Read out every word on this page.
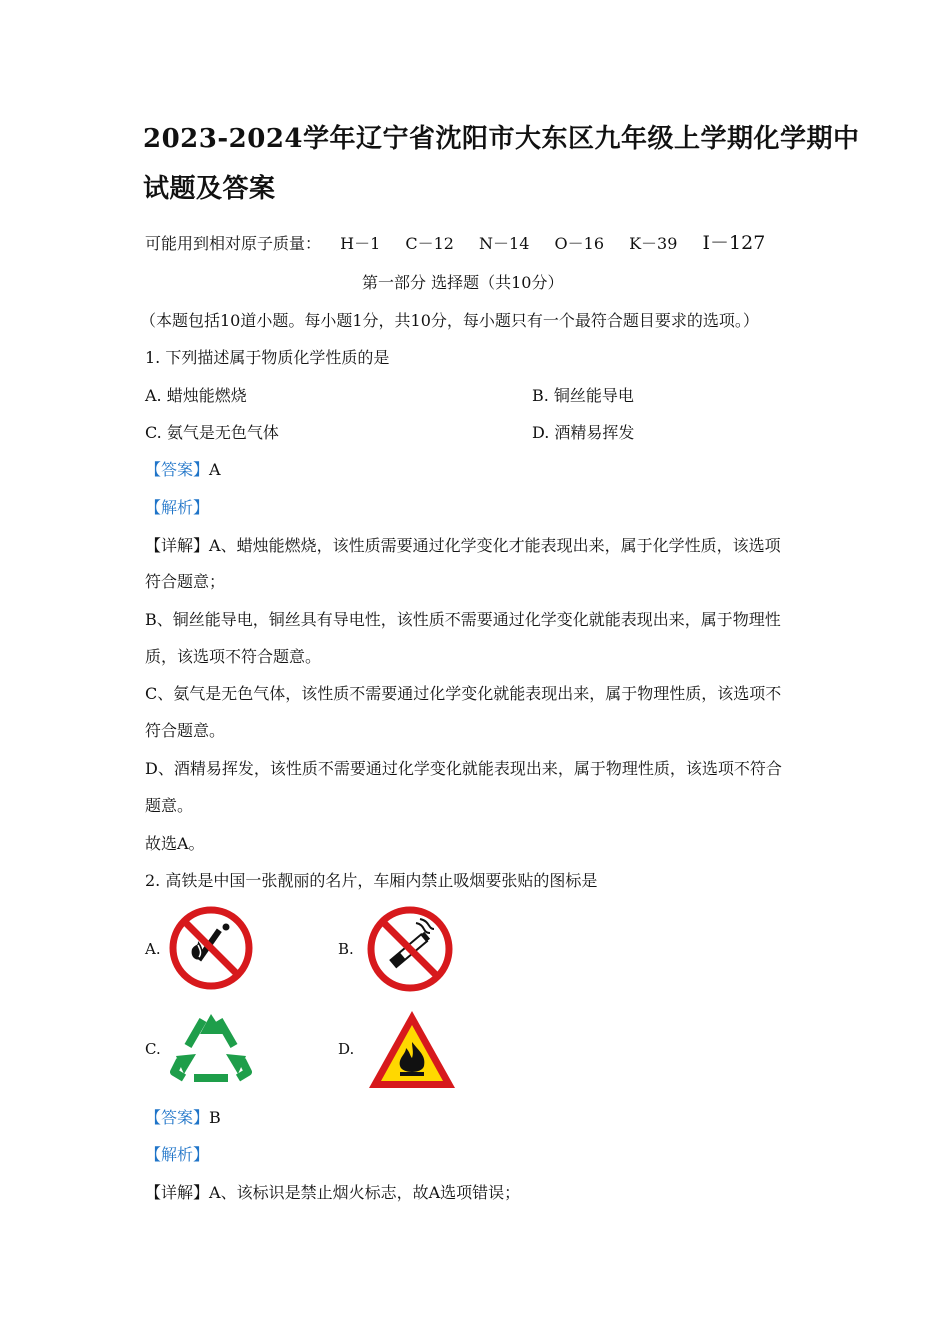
2023-2024学年辽宁省沈阳市大东区九年级上学期化学期中
试题及答案
可能用到相对原子质量： H－1 C－12 N－14 O－16 K－39 I－127
第一部分 选择题（共10分）
（本题包括10道小题。每小题1分，共10分，每小题只有一个最符合题目要求的选项。）
1. 下列描述属于物质化学性质的是
A. 蜡烛能燃烧	B. 铜丝能导电
C. 氨气是无色气体	D. 酒精易挥发
【答案】A
【解析】
【详解】A、蜡烛能燃烧，该性质需要通过化学变化才能表现出来，属于化学性质，该选项
符合题意；
B、铜丝能导电，铜丝具有导电性，该性质不需要通过化学变化就能表现出来，属于物理性
质，该选项不符合题意。
C、氨气是无色气体，该性质不需要通过化学变化就能表现出来，属于物理性质，该选项不
符合题意。
D、酒精易挥发，该性质不需要通过化学变化就能表现出来，属于物理性质，该选项不符合
题意。
故选A。
2. 高铁是中国一张靓丽的名片，车厢内禁止吸烟要张贴的图标是
A.	B.
C.	D.
【答案】B
【解析】
【详解】A、该标识是禁止烟火标志，故A选项错误；
